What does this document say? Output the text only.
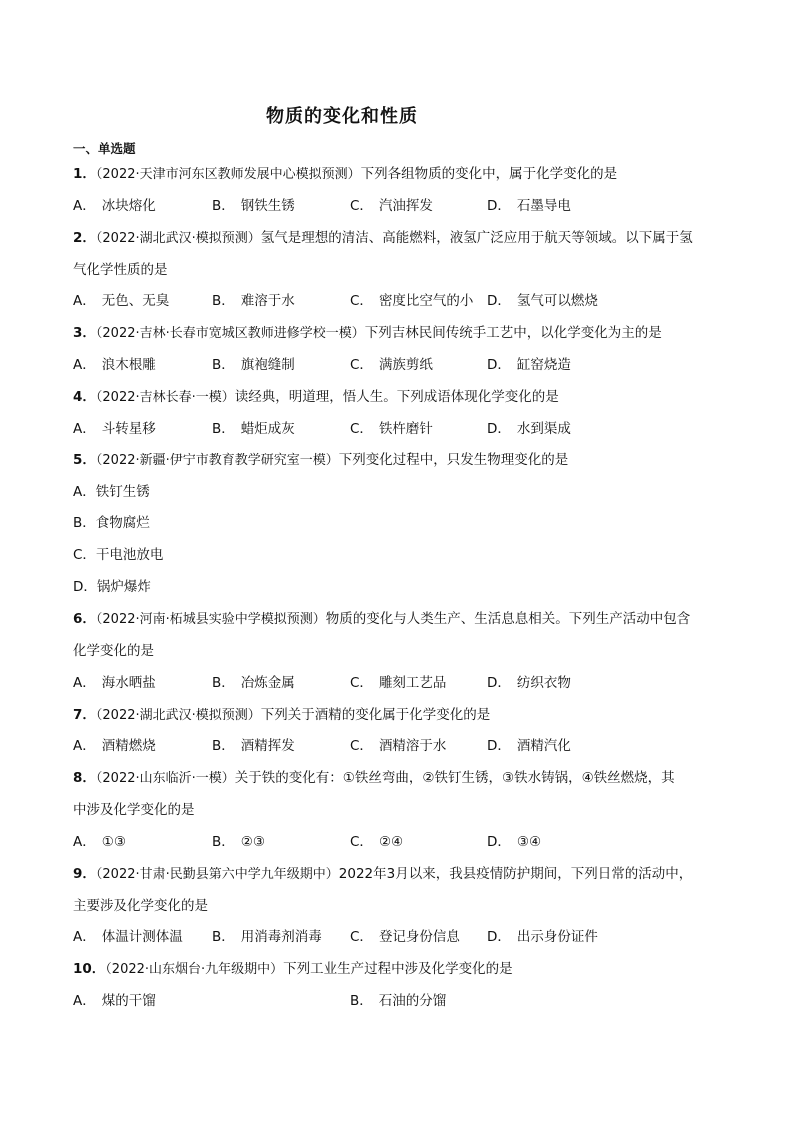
物质的变化和性质
一、单选题
1．（2022·天津市河东区教师发展中心模拟预测）下列各组物质的变化中，属于化学变化的是
A． 冰块熔化	B． 钢铁生锈	C． 汽油挥发	D． 石墨导电
2．（2022·湖北武汉·模拟预测）氢气是理想的清洁、高能燃料，液氢广泛应用于航天等领域。以下属于氢
气化学性质的是
A． 无色、无臭	B． 难溶于水	C． 密度比空气的小 D． 氢气可以燃烧
3．（2022·吉林·长春市宽城区教师进修学校一模）下列吉林民间传统手工艺中，以化学变化为主的是
A． 浪木根雕	B． 旗袍缝制	C． 满族剪纸	D． 缸窑烧造
4．（2022·吉林长春·一模）读经典，明道理，悟人生。下列成语体现化学变化的是
A． 斗转星移	B． 蜡炬成灰	C． 铁杵磨针	D． 水到渠成
5．（2022·新疆·伊宁市教育教学研究室一模）下列变化过程中，只发生物理变化的是
A．铁钉生锈
B．食物腐烂
C．干电池放电
D．锅炉爆炸
6．（2022·河南·柘城县实验中学模拟预测）物质的变化与人类生产、生活息息相关。下列生产活动中包含
化学变化的是
A． 海水晒盐	B． 冶炼金属	C． 雕刻工艺品	D． 纺织衣物
7．（2022·湖北武汉·模拟预测）下列关于酒精的变化属于化学变化的是
A． 酒精燃烧	B． 酒精挥发	C． 酒精溶于水	D． 酒精汽化
8．（2022·山东临沂·一模）关于铁的变化有：①铁丝弯曲，②铁钉生锈，③铁水铸锅，④铁丝燃烧，其
中涉及化学变化的是
A． ①③	B． ②③	C． ②④	D． ③④
9．（2022·甘肃·民勤县第六中学九年级期中）2022年3月以来，我县疫情防护期间，下列日常的活动中，
主要涉及化学变化的是
A． 体温计测体温 B． 用消毒剂消毒 C． 登记身份信息 D． 出示身份证件
10．（2022·山东烟台·九年级期中）下列工业生产过程中涉及化学变化的是
A． 煤的干馏	B． 石油的分馏
